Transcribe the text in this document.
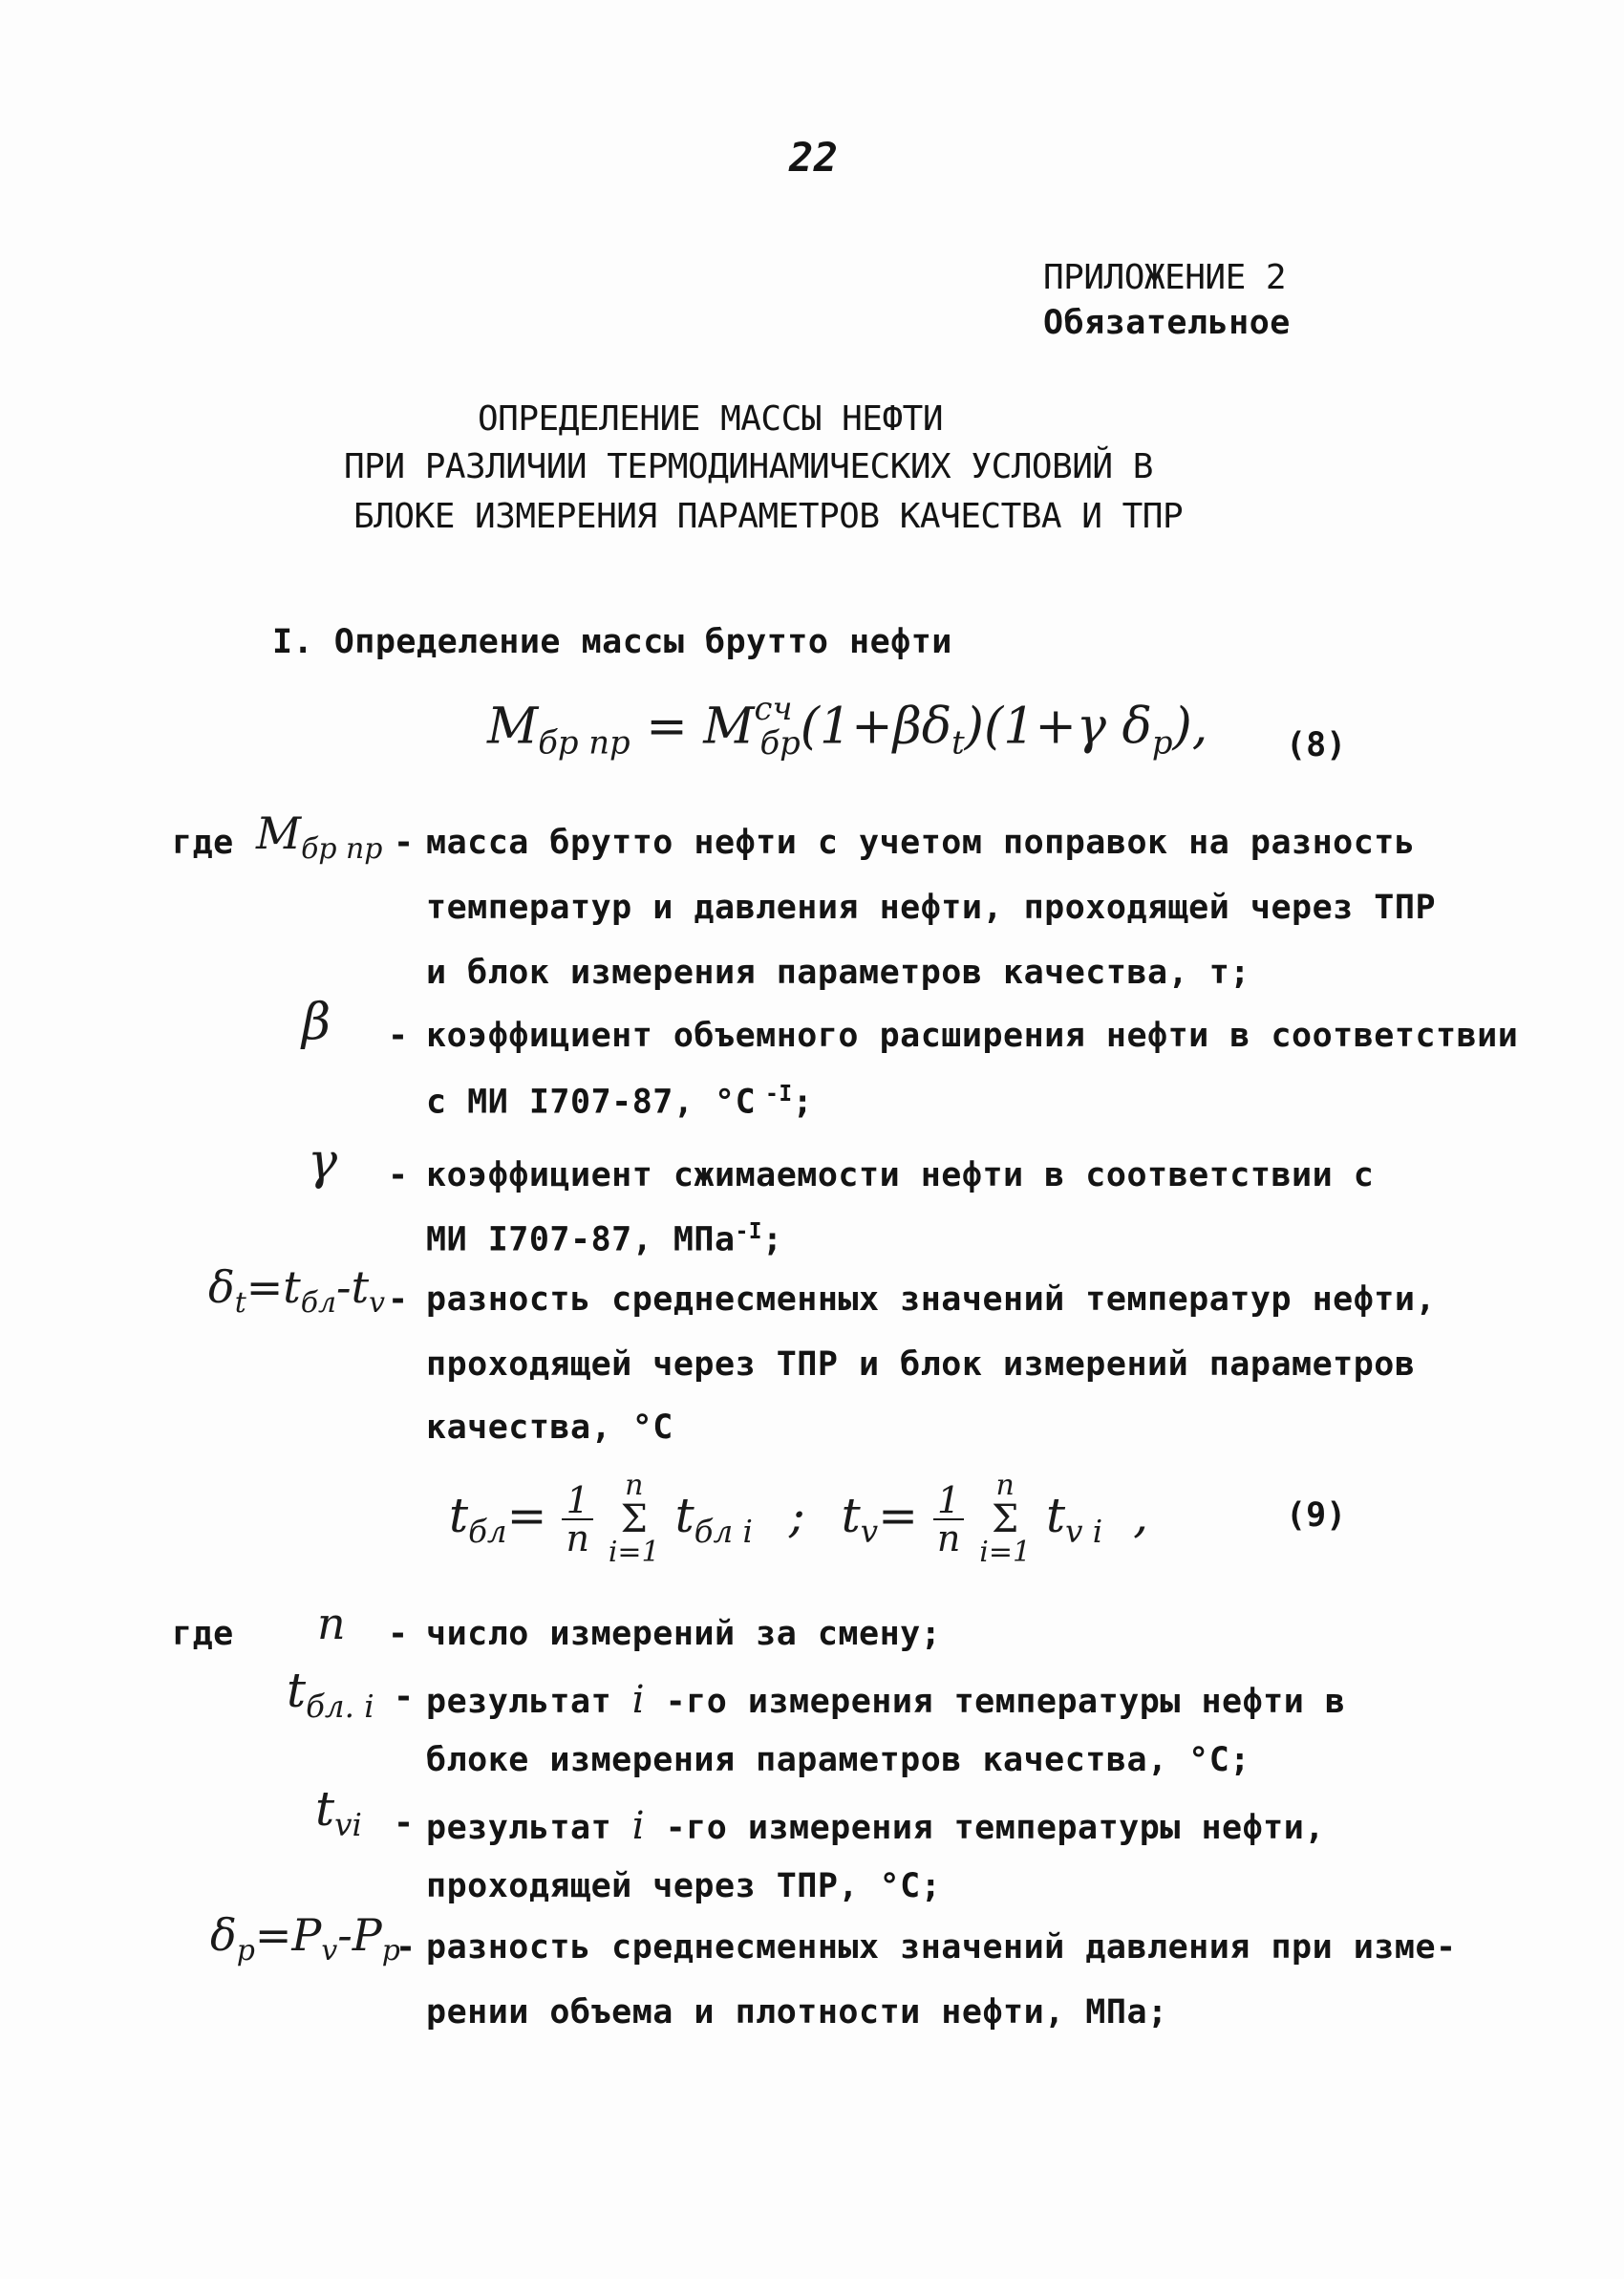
22
ПРИЛОЖЕНИЕ 2
Обязательное
ОПРЕДЕЛЕНИЕ МАССЫ НЕФТИ
ПРИ РАЗЛИЧИИ ТЕРМОДИНАМИЧЕСКИХ УСЛОВИЙ В
БЛОКЕ ИЗМЕРЕНИЯ ПАРАМЕТРОВ КАЧЕСТВА И ТПР
I. Определение массы брутто нефти
$M_{бр пр} = M^{сч}_{бр}(1+\beta\delta_t)(1+\gamma$ $\delta_p$), (8)
где $M_{бр пр}$ - масса брутто нефти с учетом поправок на разность
температур и давления нефти, проходящей через ТПР
и блок измерения параметров качества, т;
β - коэффициент объемного расширения нефти в соответствии
с МИ I707-87, °С $^{-I}$;
γ - коэффициент сжимаемости нефти в соответствии с
МИ I707-87, МПа$^{-I}$;
$\delta_t=t_{бл}-t_v$ - разность среднесменных значений температур нефти,
проходящей через ТПР и блок измерений параметров
качества, °С
$t_{бл}= \frac{1}{n}$
	n
Σ
i=1
$t_{бл i}$ ; $t_v= \frac{1}{n}$
	n
Σ
i=1
$t_{v i}$ ,	(9)
где n - число измерений за смену;
$t_{бл. i}$ - результат i -го измерения температуры нефти в
блоке измерения параметров качества, °С;
$t_{vi}$ - результат i -го измерения температуры нефти,
проходящей через ТПР, °С;
$\delta_p=P_v-P_p$
- разность среднесменных значений давления при изме-
рении объема и плотности нефти, МПа;
